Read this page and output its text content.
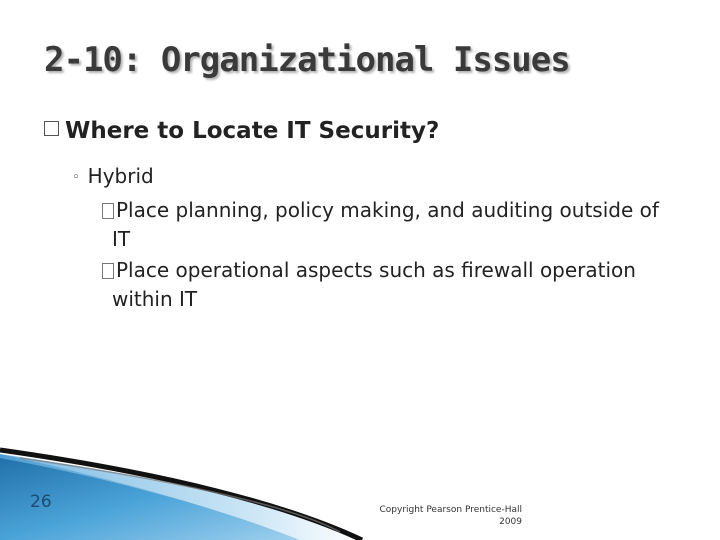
2-10: Organizational Issues
Where to Locate IT Security?
◦ Hybrid
Place planning, policy making, and auditing outside of IT
Place operational aspects such as firewall operation within IT
26	Copyright Pearson Prentice-Hall
2009
